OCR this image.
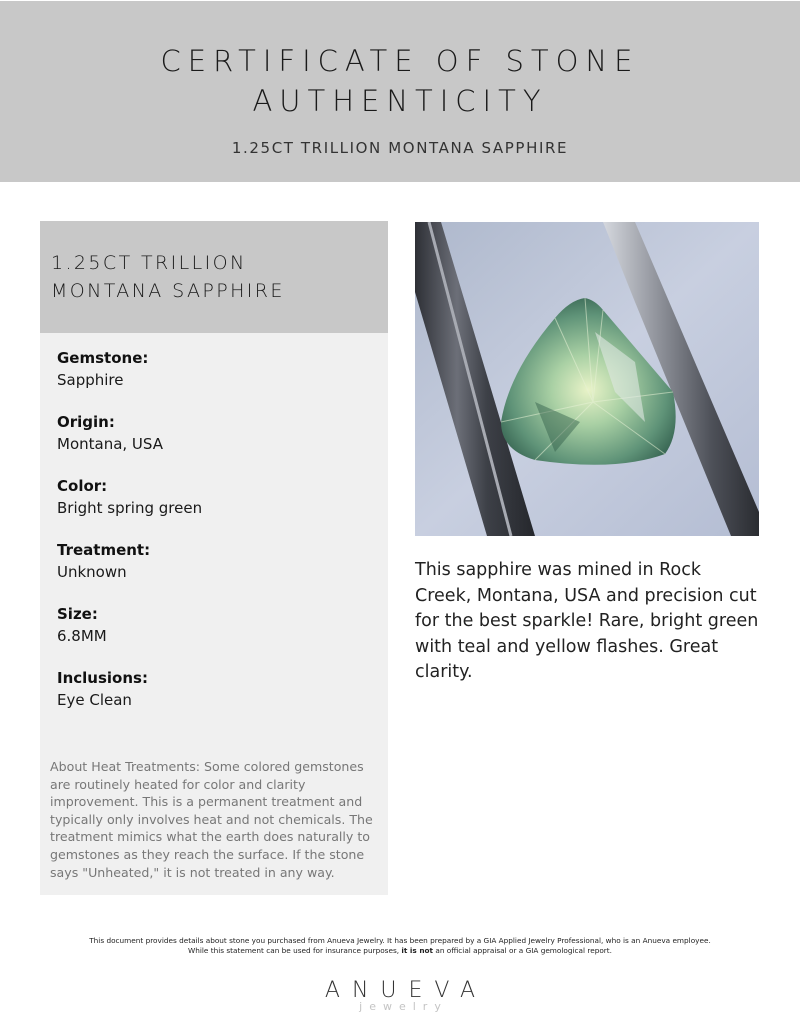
CERTIFICATE OF STONE
AUTHENTICITY
1.25CT TRILLION MONTANA SAPPHIRE
1.25CT TRILLION
MONTANA SAPPHIRE
Gemstone:
Sapphire
Origin:
Montana, USA
Color:
Bright spring green
Treatment:
Unknown
Size:
6.8MM
Inclusions:
Eye Clean
About Heat Treatments: Some colored gemstones are routinely heated for color and clarity improvement. This is a permanent treatment and typically only involves heat and not chemicals. The treatment mimics what the earth does naturally to gemstones as they reach the surface. If the stone says "Unheated," it is not treated in any way.
This sapphire was mined in Rock Creek, Montana, USA and precision cut for the best sparkle! Rare, bright green with teal and yellow flashes. Great clarity.
This document provides details about stone you purchased from Anueva Jewelry. It has been prepared by a GIA Applied Jewelry Professional, who is an Anueva employee.
While this statement can be used for insurance purposes, it is not an official appraisal or a GIA gemological report.
ANUEVA
jewelry
